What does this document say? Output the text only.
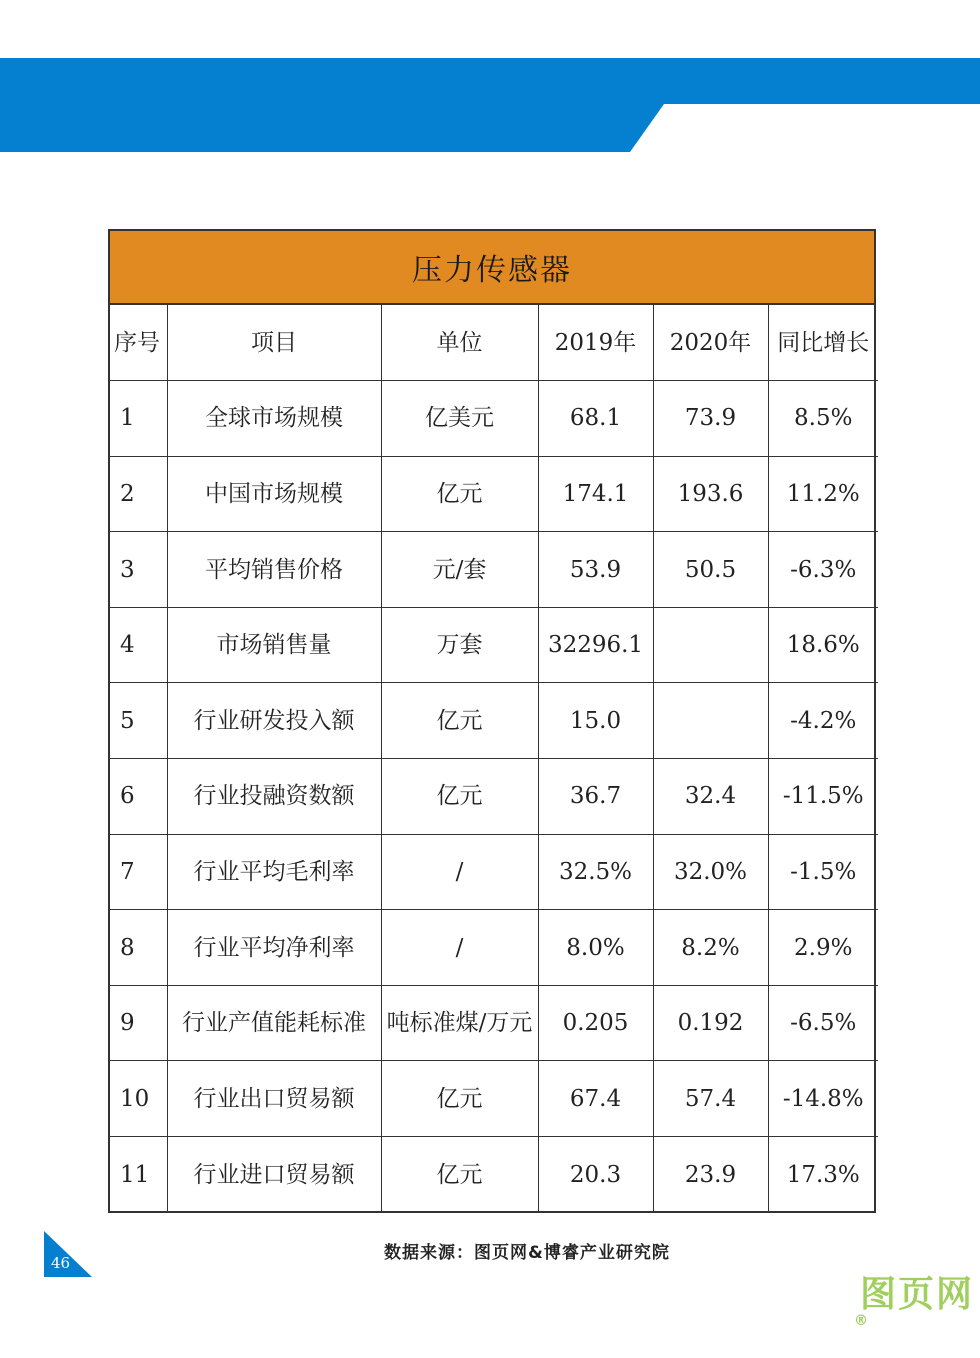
压力传感器
序号	项目	单位	2019年	2020年	同比增长
1	全球市场规模	亿美元	68.1	73.9	8.5%
2	中国市场规模	亿元	174.1	193.6	11.2%
3	平均销售价格	元/套	53.9	50.5	-6.3%
4	市场销售量	万套	32296.1		18.6%
5	行业研发投入额	亿元	15.0		-4.2%
6	行业投融资数额	亿元	36.7	32.4	-11.5%
7	行业平均毛利率	/	32.5%	32.0%	-1.5%
8	行业平均净利率	/	8.0%	8.2%	2.9%
9	行业产值能耗标准	吨标准煤/万元	0.205	0.192	-6.5%
10	行业出口贸易额	亿元	67.4	57.4	-14.8%
11	行业进口贸易额	亿元	20.3	23.9	17.3%
46	数据来源：图页网&博睿产业研究院
图页网®
